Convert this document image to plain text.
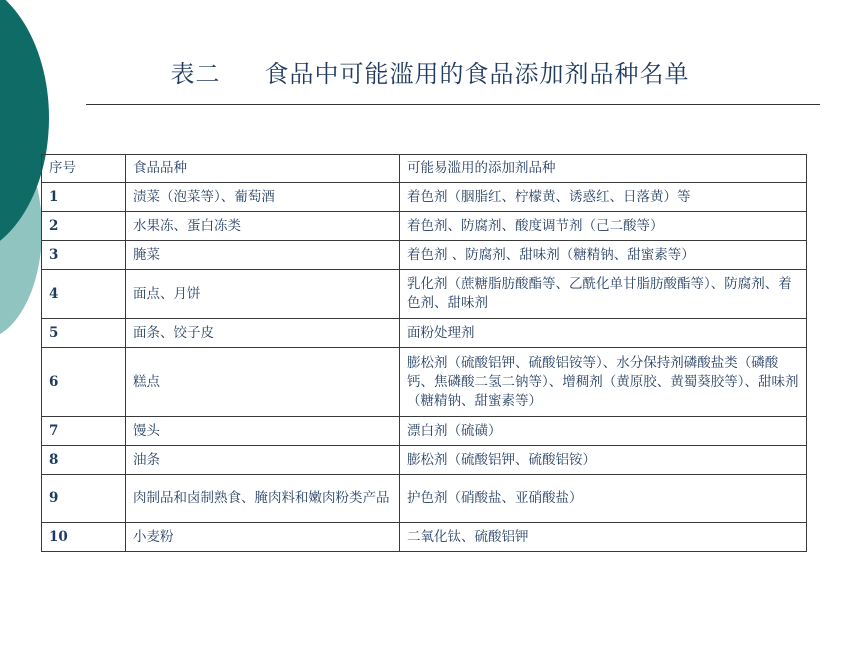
表二 食品中可能滥用的食品添加剂品种名单
序号	食品品种	可能易滥用的添加剂品种
1	渍菜（泡菜等）、葡萄酒	着色剂（胭脂红、柠檬黄、诱惑红、日落黄）等
2	水果冻、蛋白冻类	着色剂、防腐剂、酸度调节剂（己二酸等）
3	腌菜	着色剂 、防腐剂、甜味剂（糖精钠、甜蜜素等）
4	面点、月饼	乳化剂（蔗糖脂肪酸酯等、乙酰化单甘脂肪酸酯等）、防腐剂、着色剂、甜味剂
5	面条、饺子皮	面粉处理剂
6	糕点	膨松剂（硫酸铝钾、硫酸铝铵等）、水分保持剂磷酸盐类（磷酸钙、焦磷酸二氢二钠等）、增稠剂（黄原胶、黄蜀葵胶等）、甜味剂（糖精钠、甜蜜素等）
7	馒头	漂白剂（硫磺）
8	油条	膨松剂（硫酸铝钾、硫酸铝铵）
9	肉制品和卤制熟食、腌肉料和嫩肉粉类产品	护色剂（硝酸盐、亚硝酸盐）
10	小麦粉	二氧化钛、硫酸铝钾
